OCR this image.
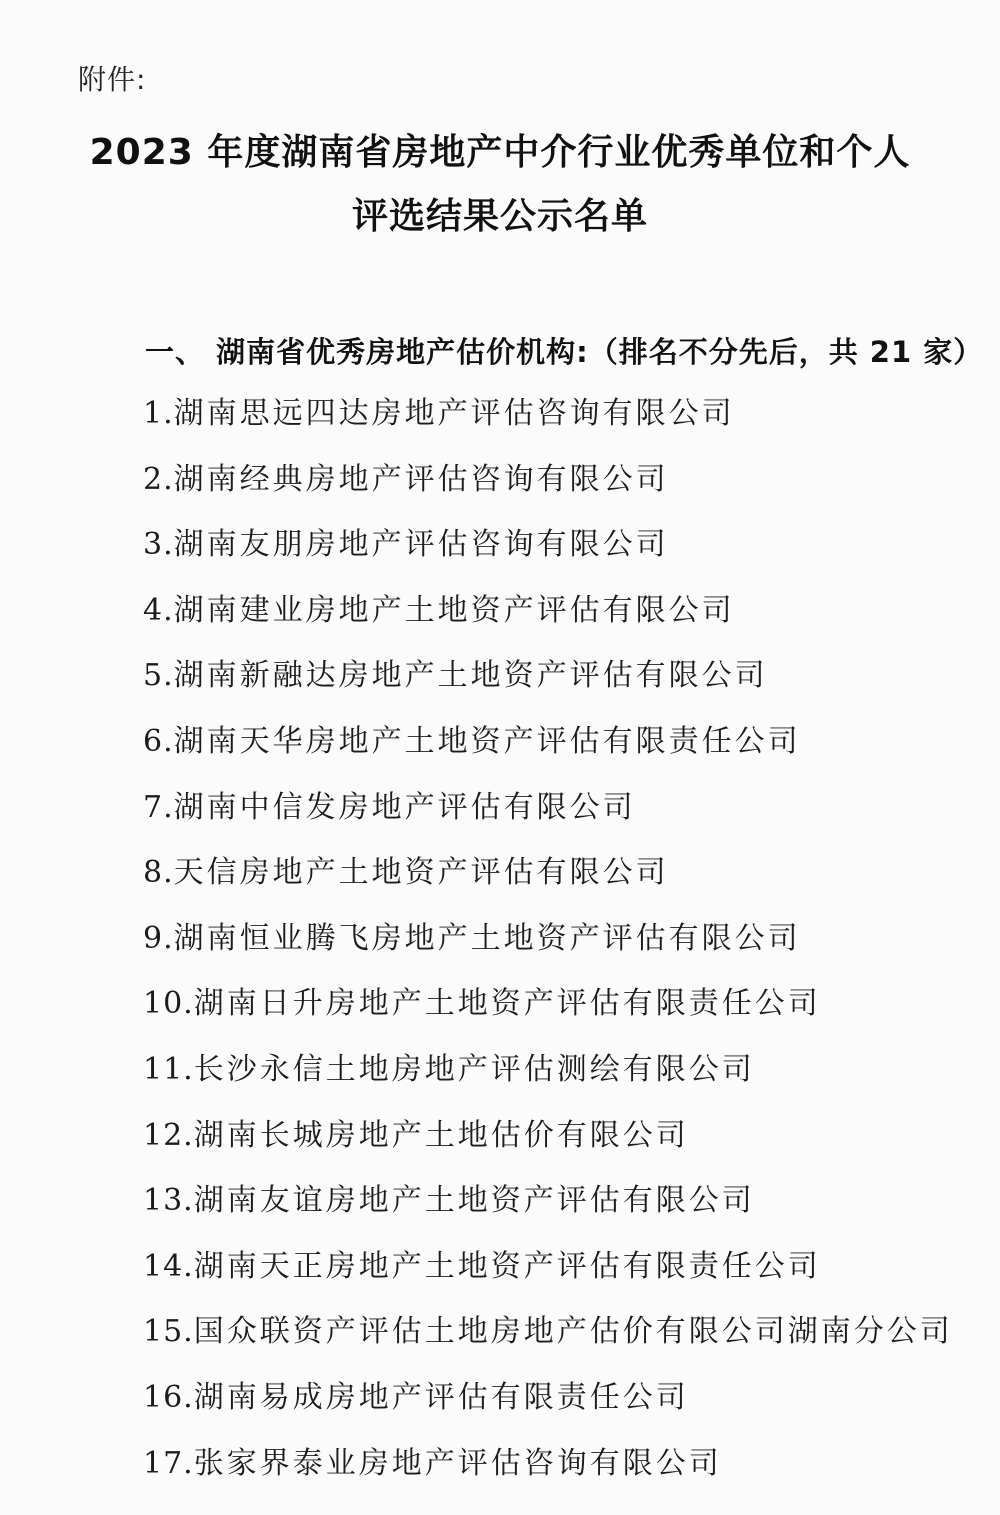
附件:
2023 年度湖南省房地产中介行业优秀单位和个人
评选结果公示名单
一、 湖南省优秀房地产估价机构:（排名不分先后，共 21 家）
1.湖南思远四达房地产评估咨询有限公司
2.湖南经典房地产评估咨询有限公司
3.湖南友朋房地产评估咨询有限公司
4.湖南建业房地产土地资产评估有限公司
5.湖南新融达房地产土地资产评估有限公司
6.湖南天华房地产土地资产评估有限责任公司
7.湖南中信发房地产评估有限公司
8.天信房地产土地资产评估有限公司
9.湖南恒业腾飞房地产土地资产评估有限公司
10.湖南日升房地产土地资产评估有限责任公司
11.长沙永信土地房地产评估测绘有限公司
12.湖南长城房地产土地估价有限公司
13.湖南友谊房地产土地资产评估有限公司
14.湖南天正房地产土地资产评估有限责任公司
15.国众联资产评估土地房地产估价有限公司湖南分公司
16.湖南易成房地产评估有限责任公司
17.张家界泰业房地产评估咨询有限公司
